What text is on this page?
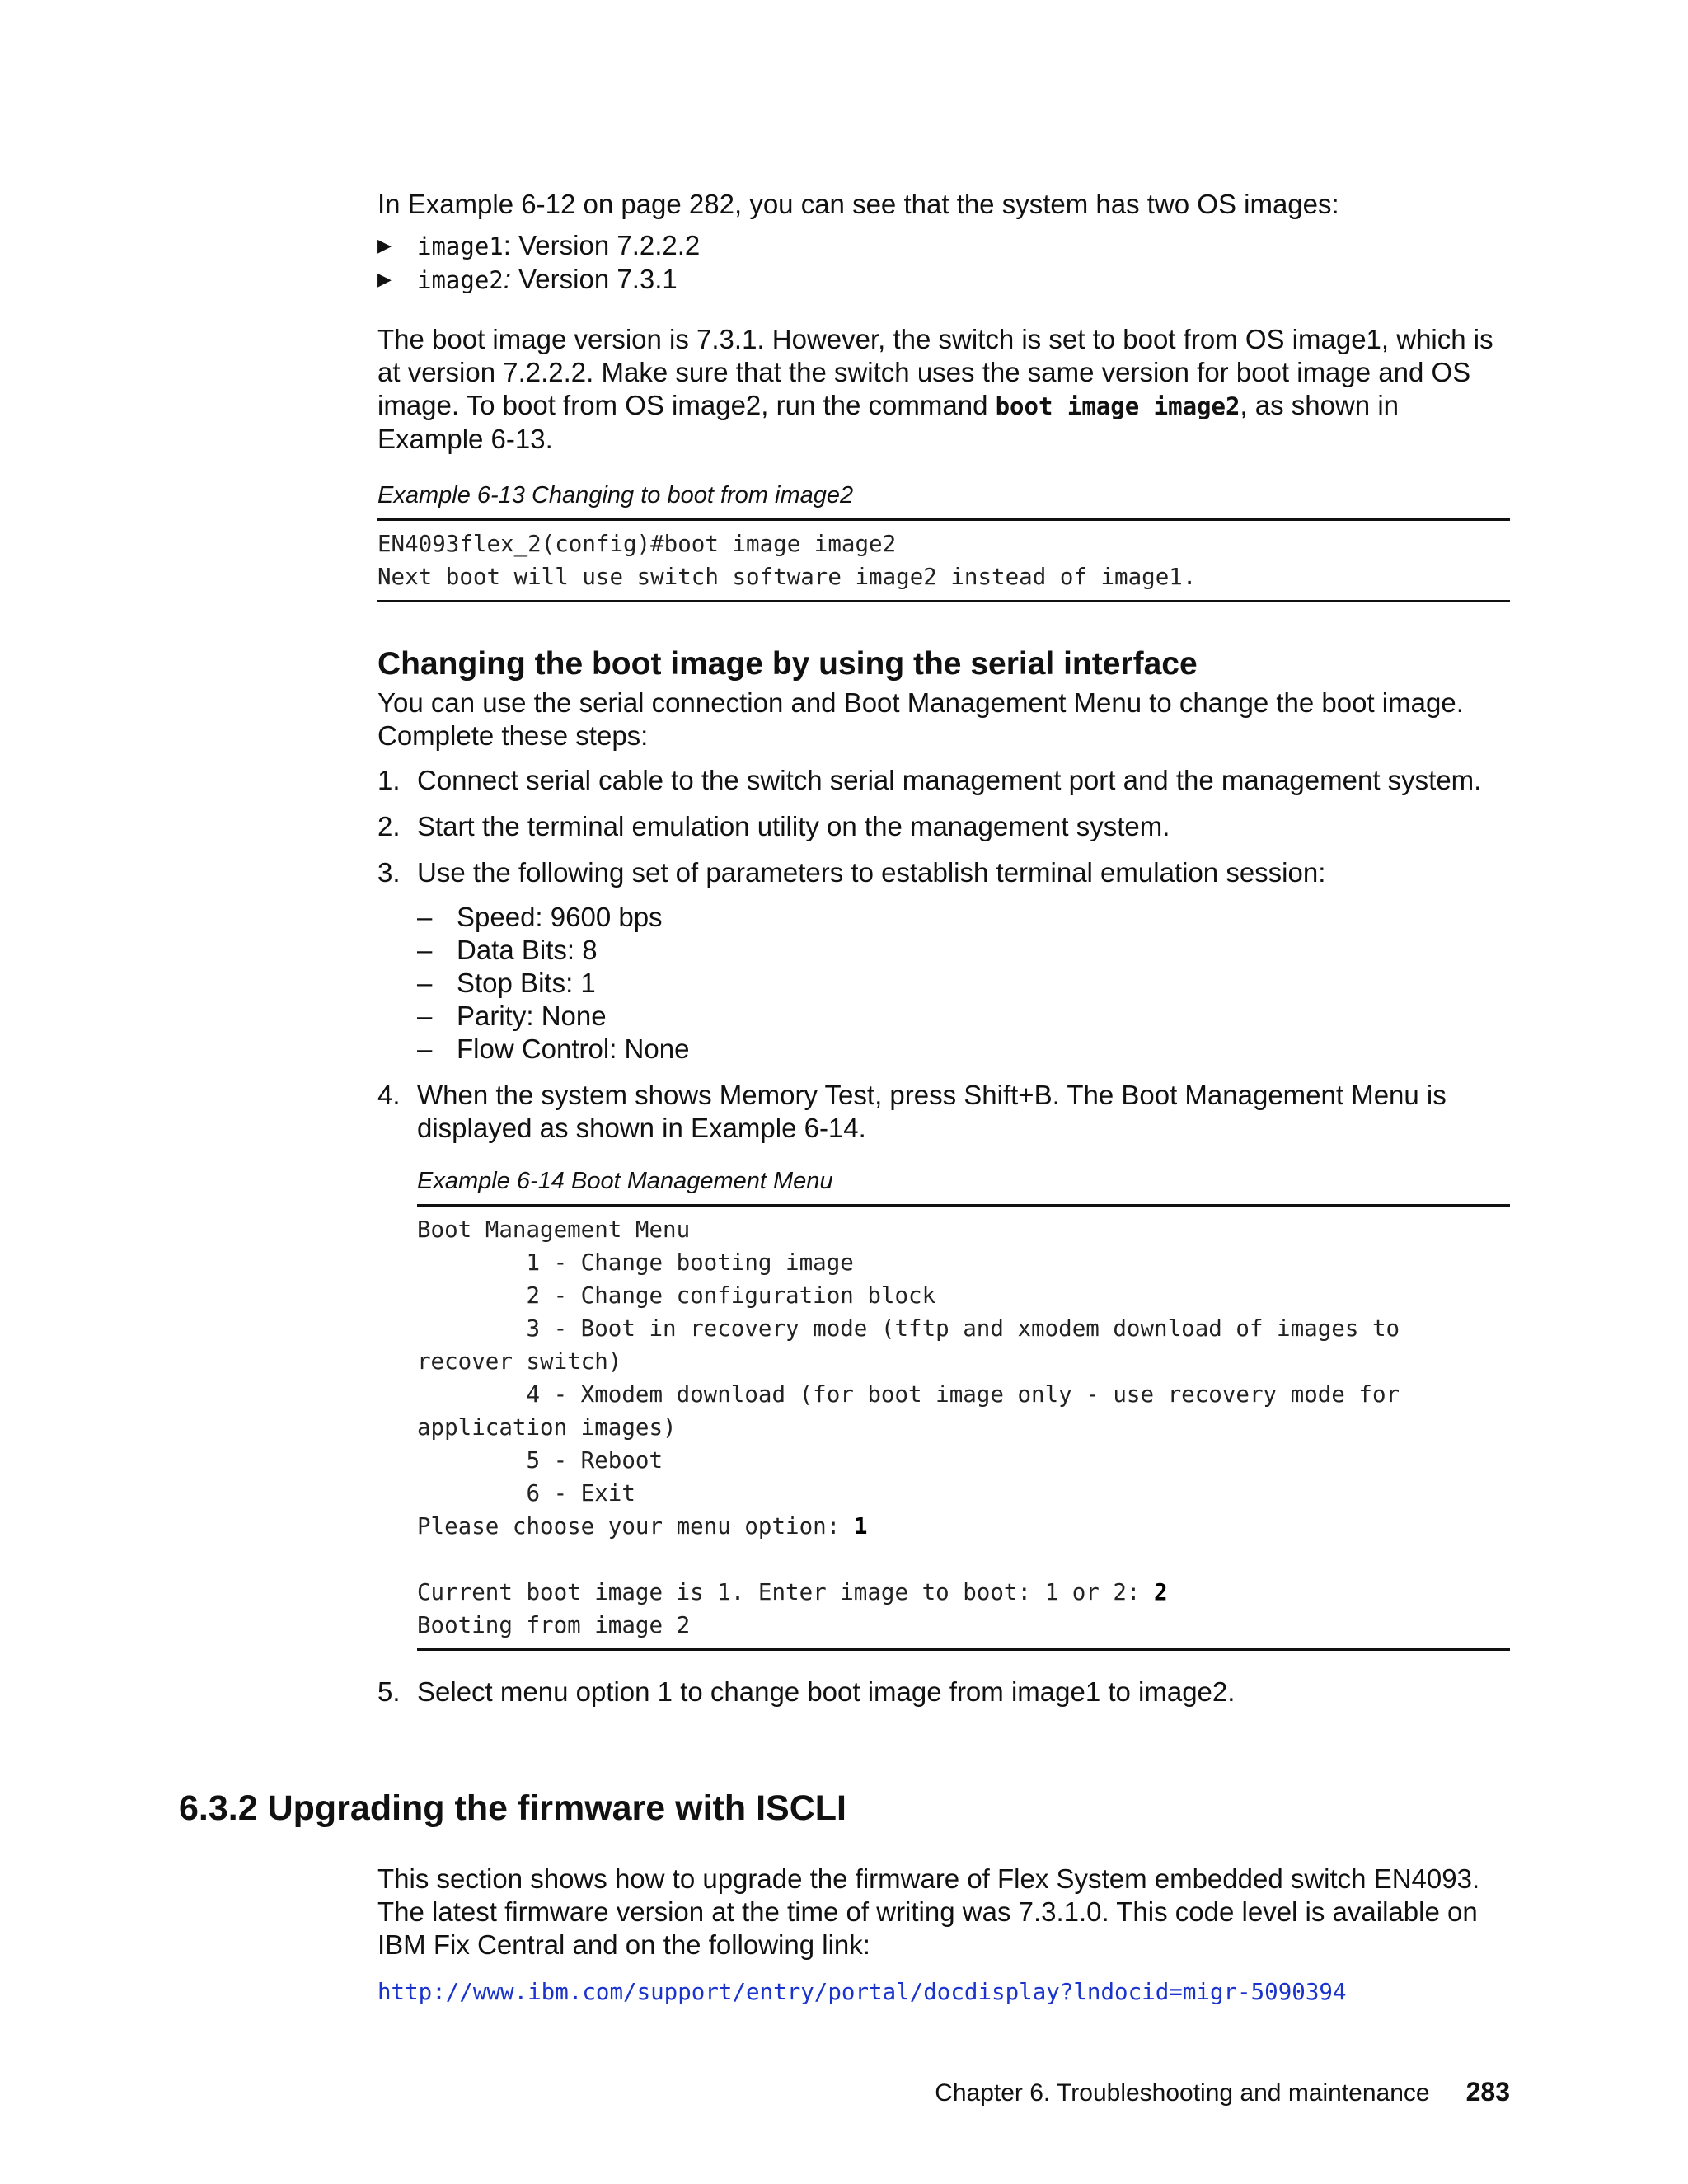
In Example 6-12 on page 282, you can see that the system has two OS images:

▶ image1: Version 7.2.2.2
▶ image2: Version 7.3.1

The boot image version is 7.3.1. However, the switch is set to boot from OS image1, which is at version 7.2.2.2. Make sure that the switch uses the same version for boot image and OS image. To boot from OS image2, run the command boot image image2, as shown in Example 6-13.

Example 6-13 Changing to boot from image2
EN4093flex_2(config)#boot image image2
Next boot will use switch software image2 instead of image1.
Changing the boot image by using the serial interface

You can use the serial connection and Boot Management Menu to change the boot image. Complete these steps:

1. Connect serial cable to the switch serial management port and the management system.
2. Start the terminal emulation utility on the management system.
3. Use the following set of parameters to establish terminal emulation session:
– Speed: 9600 bps
– Data Bits: 8
– Stop Bits: 1
– Parity: None
– Flow Control: None
4. When the system shows Memory Test, press Shift+B. The Boot Management Menu is displayed as shown in Example 6-14.
Example 6-14 Boot Management Menu
Boot Management Menu
1 - Change booting image
2 - Change configuration block
3 - Boot in recovery mode (tftp and xmodem download of images to
recover switch)
4 - Xmodem download (for boot image only - use recovery mode for
application images)
5 - Reboot
6 - Exit
Please choose your menu option: 1

Current boot image is 1. Enter image to boot: 1 or 2: 2
Booting from image 2
5. Select menu option 1 to change boot image from image1 to image2.
6.3.2 Upgrading the firmware with ISCLI

This section shows how to upgrade the firmware of Flex System embedded switch EN4093. The latest firmware version at the time of writing was 7.3.1.0. This code level is available on IBM Fix Central and on the following link:

http://www.ibm.com/support/entry/portal/docdisplay?lndocid=migr-5090394
Chapter 6. Troubleshooting and maintenance 283
